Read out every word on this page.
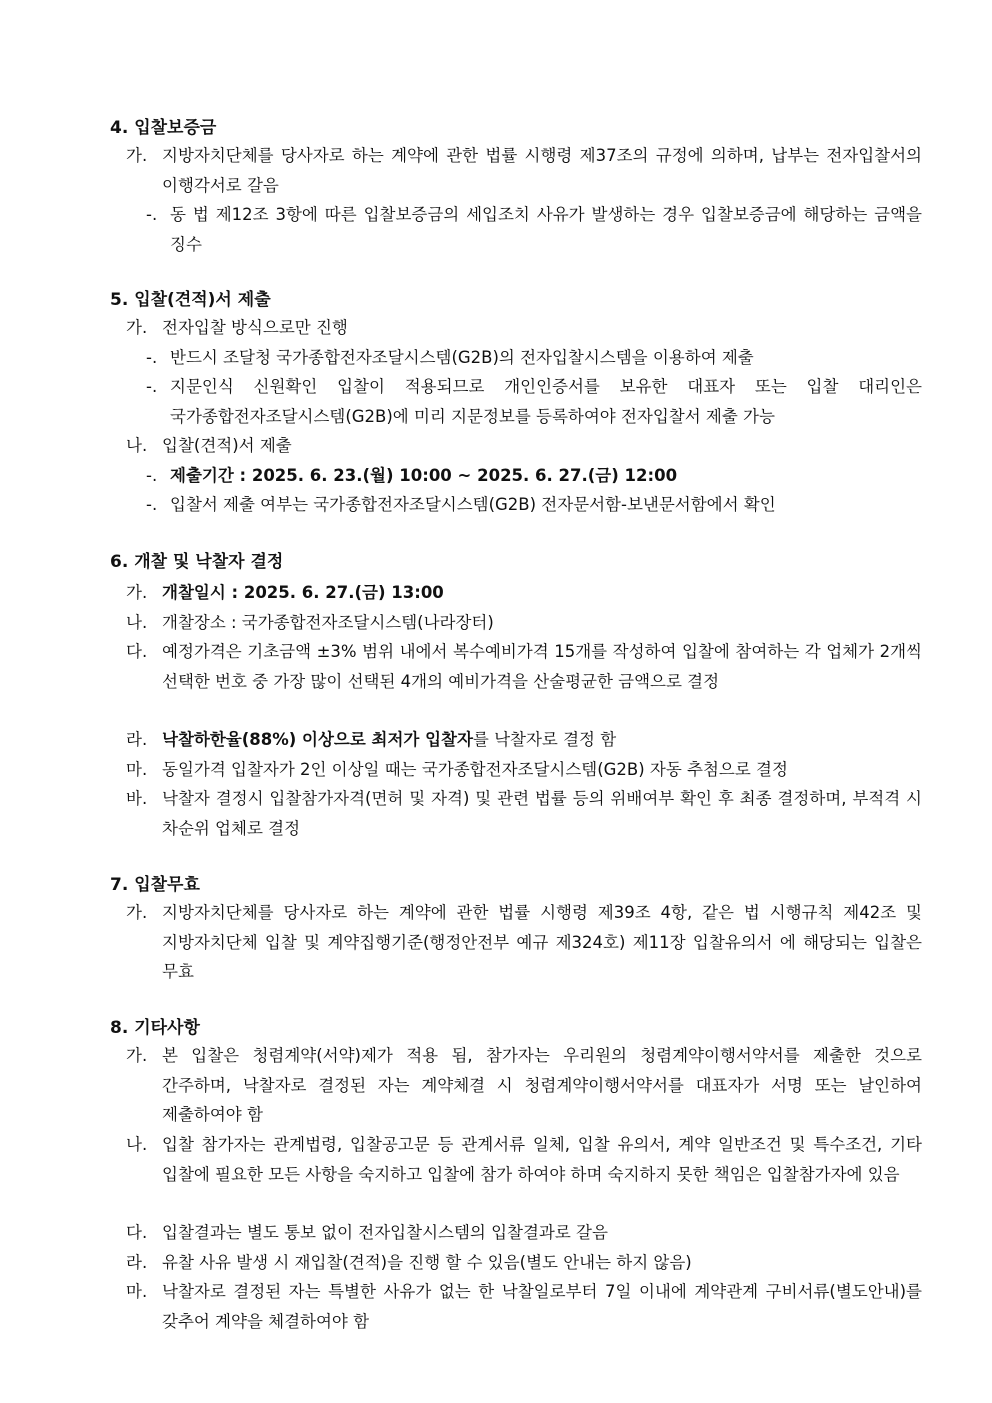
4. 입찰보증금
가. 지방자치단체를 당사자로 하는 계약에 관한 법률 시행령 제37조의 규정에 의하며, 납부는 전자입찰서의 이행각서로 갈음
-. 동 법 제12조 3항에 따른 입찰보증금의 세입조치 사유가 발생하는 경우 입찰보증금에 해당하는 금액을 징수
5. 입찰(견적)서 제출
가. 전자입찰 방식으로만 진행
-. 반드시 조달청 국가종합전자조달시스템(G2B)의 전자입찰시스템을 이용하여 제출
-. 지문인식 신원확인 입찰이 적용되므로 개인인증서를 보유한 대표자 또는 입찰 대리인은 국가종합전자조달시스템(G2B)에 미리 지문정보를 등록하여야 전자입찰서 제출 가능
나. 입찰(견적)서 제출
-. 제출기간 : 2025. 6. 23.(월) 10:00 ~ 2025. 6. 27.(금) 12:00
-. 입찰서 제출 여부는 국가종합전자조달시스템(G2B) 전자문서함-보낸문서함에서 확인
6. 개찰 및 낙찰자 결정
가. 개찰일시 : 2025. 6. 27.(금) 13:00
나. 개찰장소 : 국가종합전자조달시스템(나라장터)
다. 예정가격은 기초금액 ±3% 범위 내에서 복수예비가격 15개를 작성하여 입찰에 참여하는 각 업체가 2개씩 선택한 번호 중 가장 많이 선택된 4개의 예비가격을 산술평균한 금액으로 결정
라. 낙찰하한율(88%) 이상으로 최저가 입찰자를 낙찰자로 결정 함
마. 동일가격 입찰자가 2인 이상일 때는 국가종합전자조달시스템(G2B) 자동 추첨으로 결정
바. 낙찰자 결정시 입찰참가자격(면허 및 자격) 및 관련 법률 등의 위배여부 확인 후 최종 결정하며, 부적격 시 차순위 업체로 결정
7. 입찰무효
가. 지방자치단체를 당사자로 하는 계약에 관한 법률 시행령 제39조 4항, 같은 법 시행규칙 제42조 및 지방자치단체 입찰 및 계약집행기준(행정안전부 예규 제324호) 제11장 입찰유의서 에 해당되는 입찰은 무효
8. 기타사항
가. 본 입찰은 청렴계약(서약)제가 적용 됨, 참가자는 우리원의 청렴계약이행서약서를 제출한 것으로 간주하며, 낙찰자로 결정된 자는 계약체결 시 청렴계약이행서약서를 대표자가 서명 또는 날인하여 제출하여야 함
나. 입찰 참가자는 관계법령, 입찰공고문 등 관계서류 일체, 입찰 유의서, 계약 일반조건 및 특수조건, 기타 입찰에 필요한 모든 사항을 숙지하고 입찰에 참가 하여야 하며 숙지하지 못한 책임은 입찰참가자에 있음
다. 입찰결과는 별도 통보 없이 전자입찰시스템의 입찰결과로 갈음
라. 유찰 사유 발생 시 재입찰(견적)을 진행 할 수 있음(별도 안내는 하지 않음)
마. 낙찰자로 결정된 자는 특별한 사유가 없는 한 낙찰일로부터 7일 이내에 계약관계 구비서류(별도안내)를 갖추어 계약을 체결하여야 함
